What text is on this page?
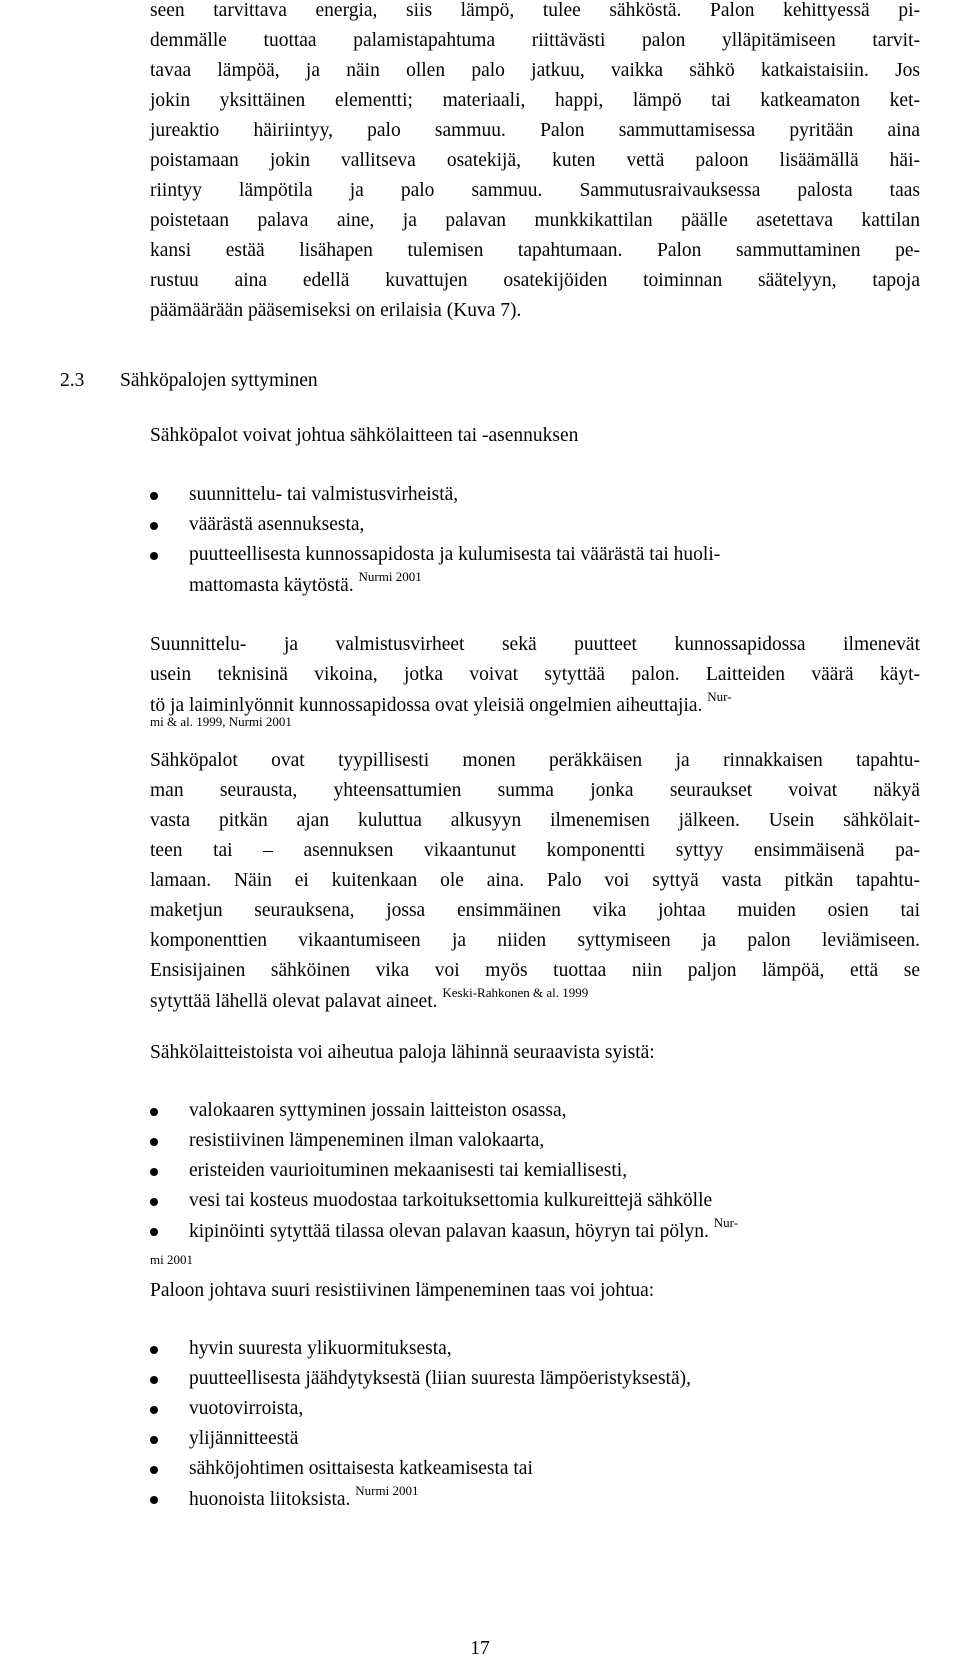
seen tarvittava energia, siis lämpö, tulee sähköstä. Palon kehittyessä pi-
demmälle tuottaa palamistapahtuma riittävästi palon ylläpitämiseen tarvit-
tavaa lämpöä, ja näin ollen palo jatkuu, vaikka sähkö katkaistaisiin. Jos
jokin yksittäinen elementti; materiaali, happi, lämpö tai katkeamaton ket-
jureaktio häiriintyy, palo sammuu. Palon sammuttamisessa pyritään aina
poistamaan jokin vallitseva osatekijä, kuten vettä paloon lisäämällä häi-
riintyy lämpötila ja palo sammuu. Sammutusraivauksessa palosta taas
poistetaan palava aine, ja palavan munkkikattilan päälle asetettava kattilan
kansi estää lisähapen tulemisen tapahtumaan. Palon sammuttaminen pe-
rustuu aina edellä kuvattujen osatekijöiden toiminnan säätelyyn, tapoja
päämäärään pääsemiseksi on erilaisia (Kuva 7).
2.3 Sähköpalojen syttyminen
Sähköpalot voivat johtua sähkölaitteen tai -asennuksen
suunnittelu- tai valmistusvirheistä,
väärästä asennuksesta,
puutteellisesta kunnossapidosta ja kulumisesta tai väärästä tai huoli-
mattomasta käytöstä. $^{Nurmi 2001}$
Suunnittelu- ja valmistusvirheet sekä puutteet kunnossapidossa ilmenevät
usein teknisinä vikoina, jotka voivat sytyttää palon. Laitteiden väärä käyt-
tö ja laiminlyönnit kunnossapidossa ovat yleisiä ongelmien aiheuttajia. $^{Nur-}$
mi & al. 1999, Nurmi 2001
Sähköpalot ovat tyypillisesti monen peräkkäisen ja rinnakkaisen tapahtu-
man seurausta, yhteensattumien summa jonka seuraukset voivat näkyä
vasta pitkän ajan kuluttua alkusyyn ilmenemisen jälkeen. Usein sähkölait-
teen tai – asennuksen vikaantunut komponentti syttyy ensimmäisenä pa-
lamaan. Näin ei kuitenkaan ole aina. Palo voi syttyä vasta pitkän tapahtu-
maketjun seurauksena, jossa ensimmäinen vika johtaa muiden osien tai
komponenttien vikaantumiseen ja niiden syttymiseen ja palon leviämiseen.
Ensisijainen sähköinen vika voi myös tuottaa niin paljon lämpöä, että se
sytyttää lähellä olevat palavat aineet. $^{Keski-Rahkonen \& al. 1999}$
Sähkölaitteistoista voi aiheutua paloja lähinnä seuraavista syistä:
valokaaren syttyminen jossain laitteiston osassa,
resistiivinen lämpeneminen ilman valokaarta,
eristeiden vaurioituminen mekaanisesti tai kemiallisesti,
vesi tai kosteus muodostaa tarkoituksettomia kulkureittejä sähkölle
kipinöinti sytyttää tilassa olevan palavan kaasun, höyryn tai pölyn. $^{Nur-}$
mi 2001
Paloon johtava suuri resistiivinen lämpeneminen taas voi johtua:
hyvin suuresta ylikuormituksesta,
puutteellisesta jäähdytyksestä (liian suuresta lämpöeristyksestä),
vuotovirroista,
ylijännitteestä
sähköjohtimen osittaisesta katkeamisesta tai
huonoista liitoksista. $^{Nurmi 2001}$
17
